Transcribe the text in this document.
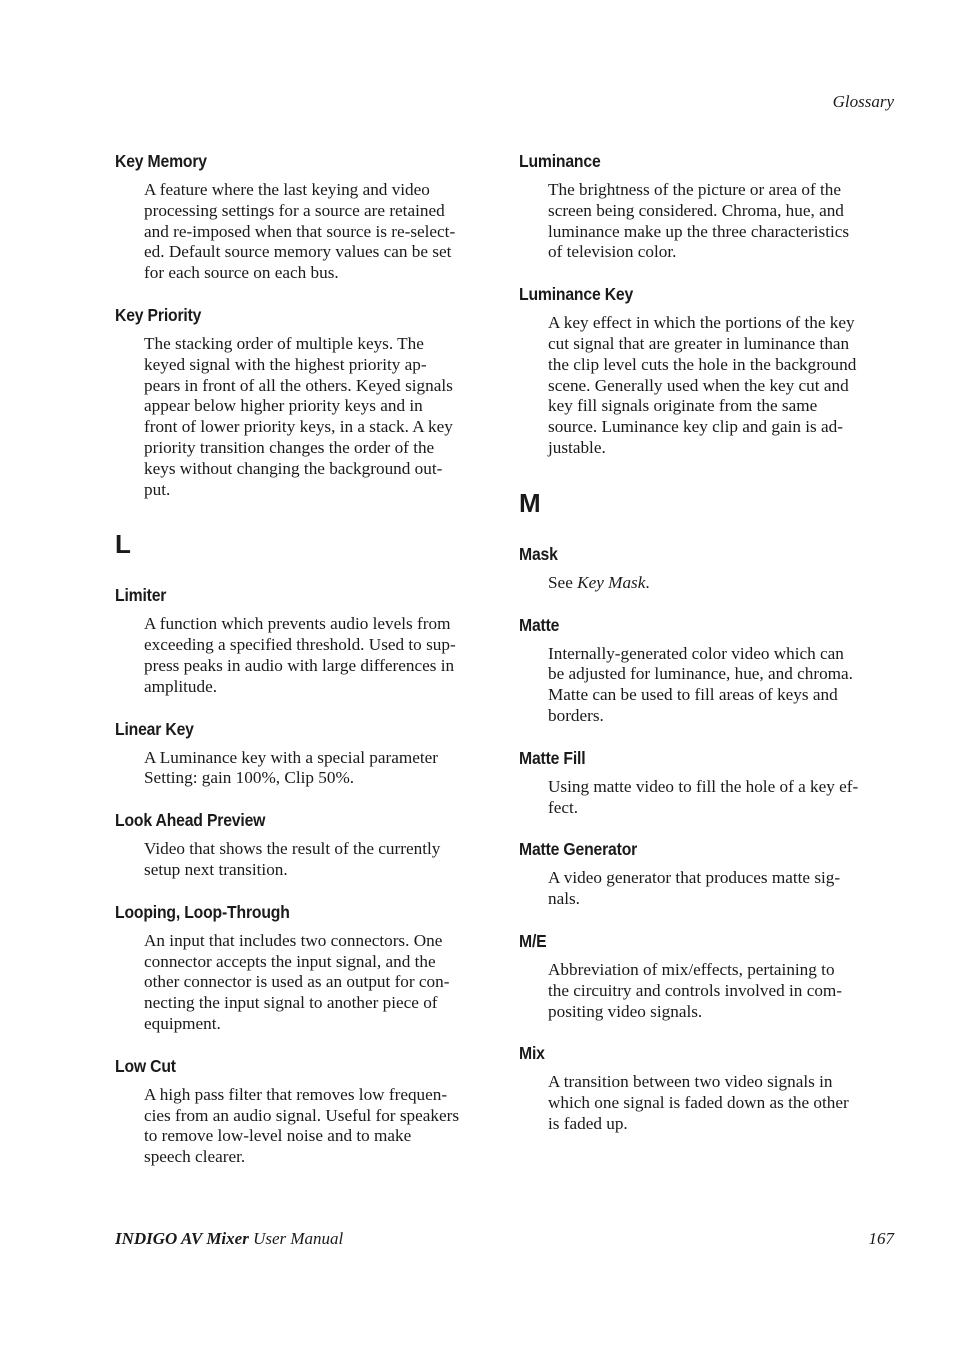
Glossary
Key Memory
A feature where the last keying and video
processing settings for a source are retained
and re-imposed when that source is re-select-
ed. Default source memory values can be set
for each source on each bus.
Key Priority
The stacking order of multiple keys. The
keyed signal with the highest priority ap-
pears in front of all the others. Keyed signals
appear below higher priority keys and in
front of lower priority keys, in a stack. A key
priority transition changes the order of the
keys without changing the background out-
put.
L
Limiter
A function which prevents audio levels from
exceeding a specified threshold. Used to sup-
press peaks in audio with large differences in
amplitude.
Linear Key
A Luminance key with a special parameter
Setting: gain 100%, Clip 50%.
Look Ahead Preview
Video that shows the result of the currently
setup next transition.
Looping, Loop-Through
An input that includes two connectors. One
connector accepts the input signal, and the
other connector is used as an output for con-
necting the input signal to another piece of
equipment.
Low Cut
A high pass filter that removes low frequen-
cies from an audio signal. Useful for speakers
to remove low-level noise and to make
speech clearer.
Luminance
The brightness of the picture or area of the
screen being considered. Chroma, hue, and
luminance make up the three characteristics
of television color.
Luminance Key
A key effect in which the portions of the key
cut signal that are greater in luminance than
the clip level cuts the hole in the background
scene. Generally used when the key cut and
key fill signals originate from the same
source. Luminance key clip and gain is ad-
justable.
M
Mask
See Key Mask.
Matte
Internally-generated color video which can
be adjusted for luminance, hue, and chroma.
Matte can be used to fill areas of keys and
borders.
Matte Fill
Using matte video to fill the hole of a key ef-
fect.
Matte Generator
A video generator that produces matte sig-
nals.
M/E
Abbreviation of mix/effects, pertaining to
the circuitry and controls involved in com-
positing video signals.
Mix
A transition between two video signals in
which one signal is faded down as the other
is faded up.
INDIGO AV Mixer User Manual	167
